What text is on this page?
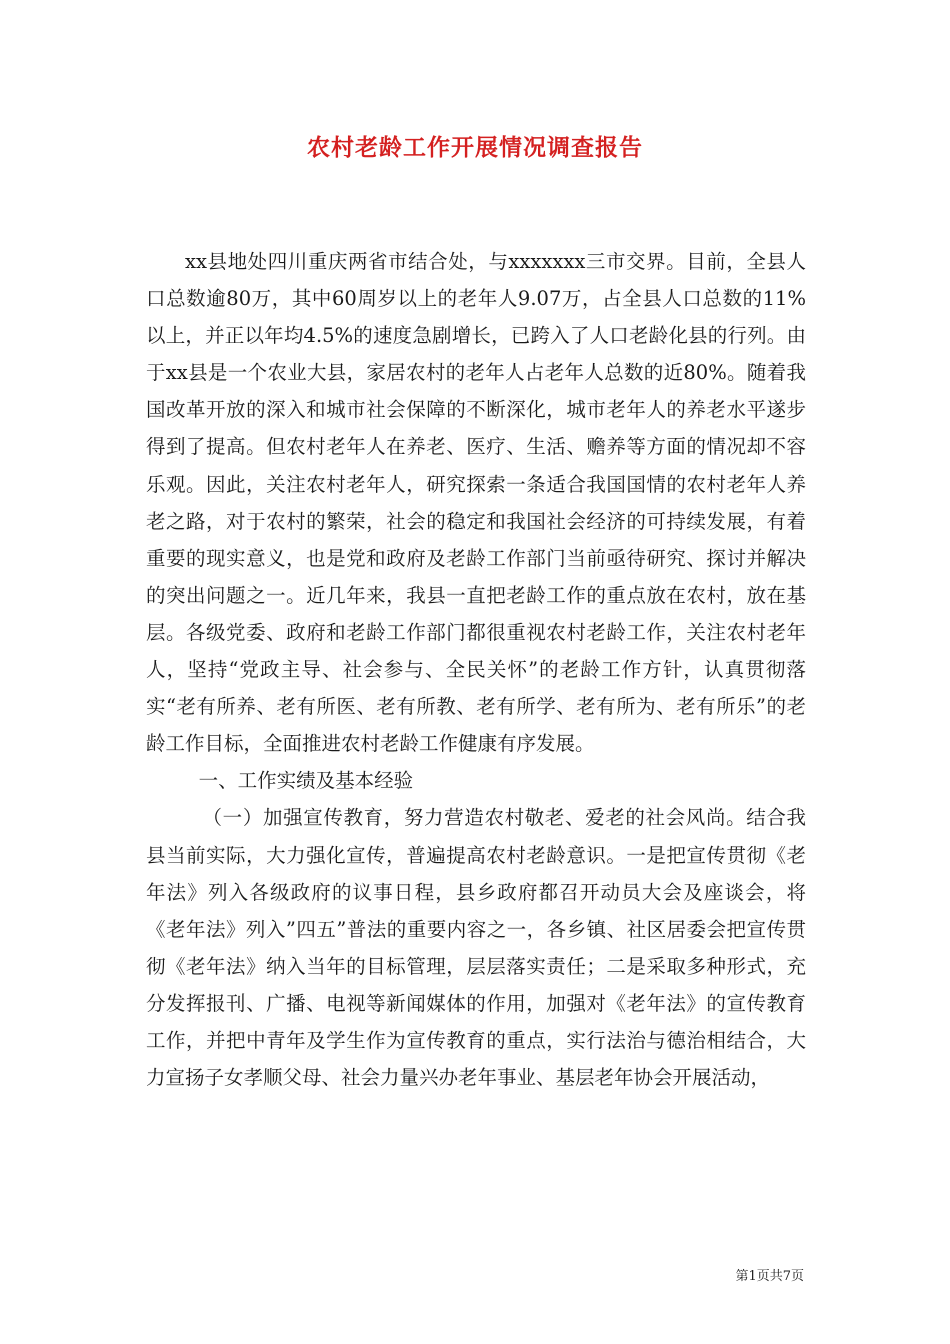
农村老龄工作开展情况调查报告

xx县地处四川重庆两省市结合处，与xxxxxxx三市交界。目前，全县人口总数逾80万，其中60周岁以上的老年人9.07万，占全县人口总数的11%以上，并正以年均4.5%的速度急剧增长，已跨入了人口老龄化县的行列。由于xx县是一个农业大县，家居农村的老年人占老年人总数的近80%。随着我国改革开放的深入和城市社会保障的不断深化，城市老年人的养老水平遂步得到了提高。但农村老年人在养老、医疗、生活、赡养等方面的情况却不容乐观。因此，关注农村老年人，研究探索一条适合我国国情的农村老年人养老之路，对于农村的繁荣，社会的稳定和我国社会经济的可持续发展，有着重要的现实意义，也是党和政府及老龄工作部门当前亟待研究、探讨并解决的突出问题之一。近几年来，我县一直把老龄工作的重点放在农村，放在基层。各级党委、政府和老龄工作部门都很重视农村老龄工作，关注农村老年人，坚持“党政主导、社会参与、全民关怀”的老龄工作方针，认真贯彻落实“老有所养、老有所医、老有所教、老有所学、老有所为、老有所乐”的老龄工作目标，全面推进农村老龄工作健康有序发展。

一、工作实绩及基本经验

（一）加强宣传教育，努力营造农村敬老、爱老的社会风尚。结合我县当前实际，大力强化宣传，普遍提高农村老龄意识。一是把宣传贯彻《老年法》列入各级政府的议事日程，县乡政府都召开动员大会及座谈会，将《老年法》列入”四五”普法的重要内容之一，各乡镇、社区居委会把宣传贯彻《老年法》纳入当年的目标管理，层层落实责任；二是采取多种形式，充分发挥报刊、广播、电视等新闻媒体的作用，加强对《老年法》的宣传教育工作，并把中青年及学生作为宣传教育的重点，实行法治与德治相结合，大力宣扬子女孝顺父母、社会力量兴办老年事业、基层老年协会开展活动，

第1页共7页
